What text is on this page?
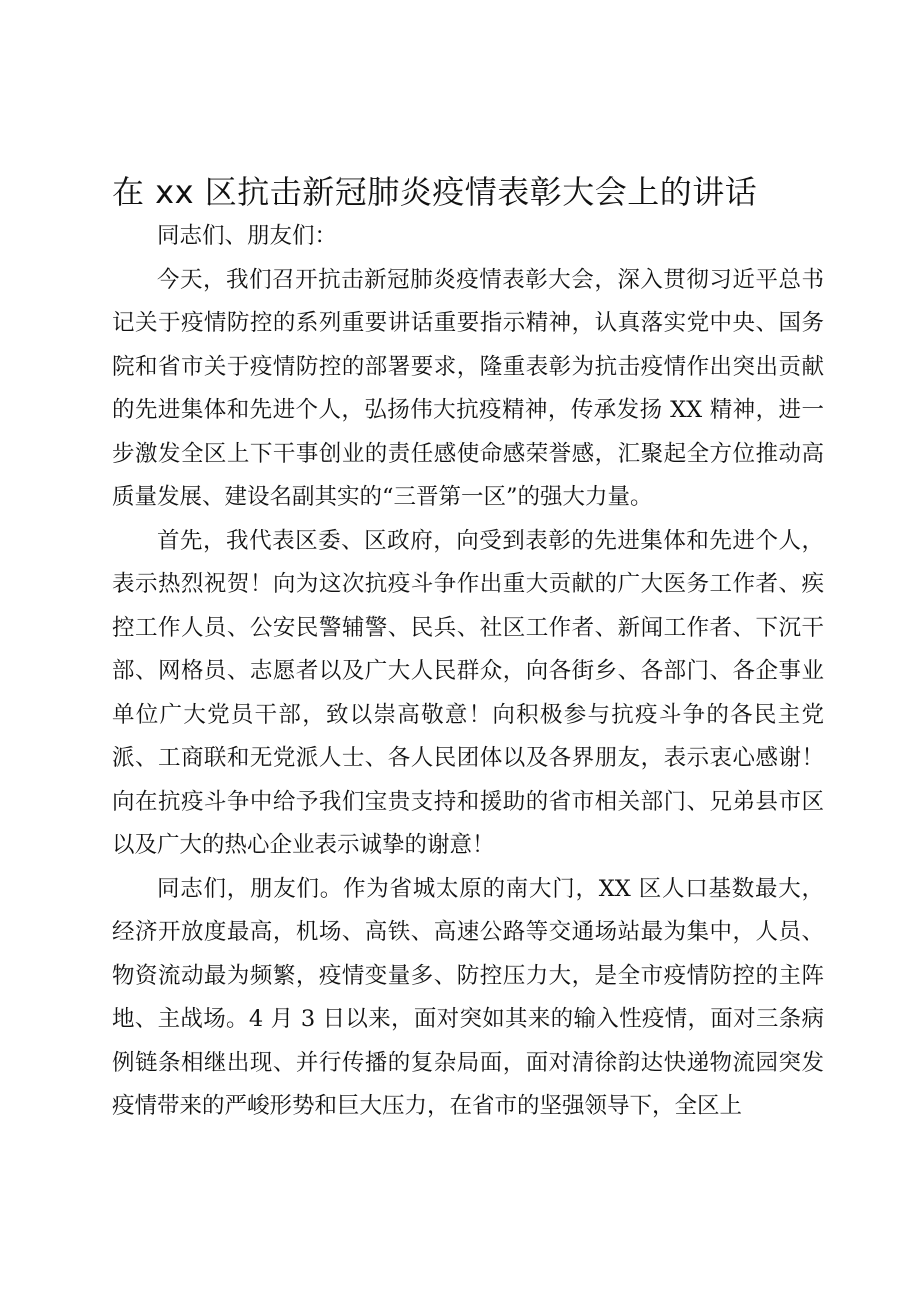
在 xx 区抗击新冠肺炎疫情表彰大会上的讲话

同志们、朋友们：

今天，我们召开抗击新冠肺炎疫情表彰大会，深入贯彻习近平总书记关于疫情防控的系列重要讲话重要指示精神，认真落实党中央、国务院和省市关于疫情防控的部署要求，隆重表彰为抗击疫情作出突出贡献的先进集体和先进个人，弘扬伟大抗疫精神，传承发扬 XX 精神，进一步激发全区上下干事创业的责任感使命感荣誉感，汇聚起全方位推动高质量发展、建设名副其实的“三晋第一区”的强大力量。

首先，我代表区委、区政府，向受到表彰的先进集体和先进个人，表示热烈祝贺！向为这次抗疫斗争作出重大贡献的广大医务工作者、疾控工作人员、公安民警辅警、民兵、社区工作者、新闻工作者、下沉干部、网格员、志愿者以及广大人民群众，向各街乡、各部门、各企事业单位广大党员干部，致以崇高敬意！向积极参与抗疫斗争的各民主党派、工商联和无党派人士、各人民团体以及各界朋友，表示衷心感谢！向在抗疫斗争中给予我们宝贵支持和援助的省市相关部门、兄弟县市区以及广大的热心企业表示诚挚的谢意！

同志们，朋友们。作为省城太原的南大门，XX 区人口基数最大，经济开放度最高，机场、高铁、高速公路等交通场站最为集中，人员、物资流动最为频繁，疫情变量多、防控压力大，是全市疫情防控的主阵地、主战场。4 月 3 日以来，面对突如其来的输入性疫情，面对三条病例链条相继出现、并行传播的复杂局面，面对清徐韵达快递物流园突发疫情带来的严峻形势和巨大压力，在省市的坚强领导下，全区上
